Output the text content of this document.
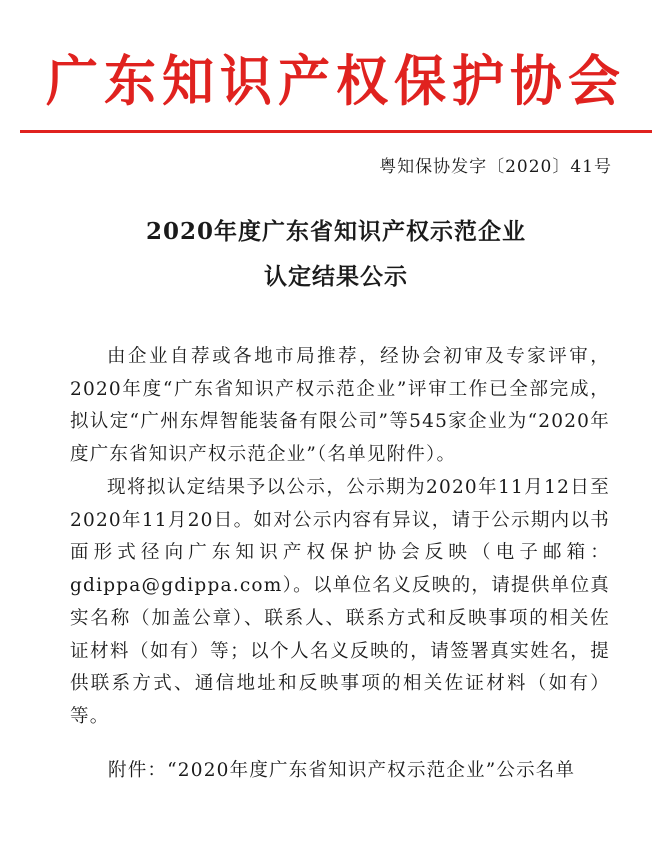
广东知识产权保护协会
粤知保协发字〔2020〕41号
2020年度广东省知识产权示范企业
认定结果公示
由企业自荐或各地市局推荐，经协会初审及专家评审，2020年度“广东省知识产权示范企业”评审工作已全部完成，拟认定“广州东焊智能装备有限公司”等545家企业为“2020年度广东省知识产权示范企业”（名单见附件）。
现将拟认定结果予以公示，公示期为2020年11月12日至2020年11月20日。如对公示内容有异议，请于公示期内以书面形式径向广东知识产权保护协会反映（电子邮箱：gdippa@gdippa.com）。以单位名义反映的，请提供单位真实名称（加盖公章）、联系人、联系方式和反映事项的相关佐证材料（如有）等；以个人名义反映的，请签署真实姓名，提供联系方式、通信地址和反映事项的相关佐证材料（如有）等。
附件：“2020年度广东省知识产权示范企业”公示名单
